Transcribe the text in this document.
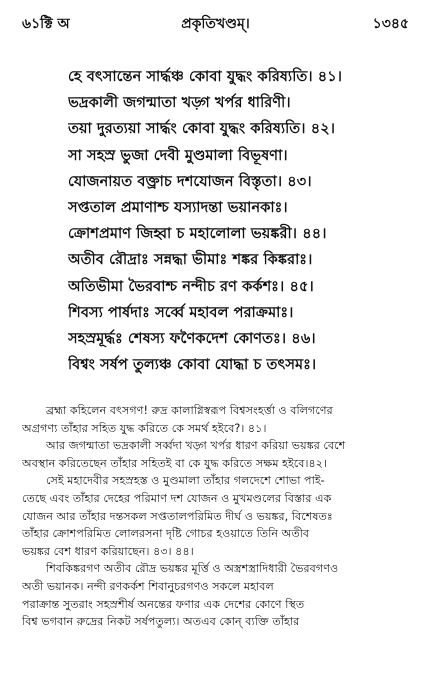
৬১ক্টি অ	প্রকৃতিখণ্ডম্।	১৩৪৫
হে বৎসান্তেন সার্দ্ধঞ্চ কোবা যুদ্ধং করিষ্যতি। ৪১।
ভদ্রকালী জগন্মাতা খড়্গ খর্পর ধারিণী।
তয়া দুরত্যয়া সার্দ্ধং কোবা যুদ্ধং করিষ্যতি। ৪২।
সা সহস্র ভুজা দেবী মুণ্ডমালা বিভূষণা।
যোজনায়ত বক্ত্রাচ দশযোজন বিস্তৃতা। ৪৩।
সপ্ততাল প্রমাণাশ্চ যস্যাদন্তা ভয়ানকাঃ।
ক্রোশপ্রমাণ জিহ্বা চ মহালোলা ভয়ঙ্করী। ৪৪।
অতীব রৌদ্রাঃ সন্নদ্ধা ভীমাঃ শঙ্কর কিঙ্করাঃ।
অতিভীমা ভৈরবাশ্চ নন্দীচ রণ কর্কশঃ। ৪৫।
শিবস্য পার্ষদাঃ সর্ব্বে মহাবল পরাক্রমাঃ।
সহস্রমূর্দ্ধঃ শেষস্য ফণৈকদেশ কোণতঃ। ৪৬।
বিশ্বং সর্ষপ তুল্যঞ্চ কোবা যোদ্ধা চ তৎসমঃ।

ব্রহ্মা কহিলেন বৎসগণ! রুদ্র কালাগ্নিস্বরূপ বিশ্বসংহর্ত্তা ও বলিগণের
অগ্রগণ্য তাঁহার সহিত যুদ্ধ করিতে কে সমর্থ হইবে?। ৪১।

আর জগন্মাতা ভদ্রকালী সর্ব্বদা খড়্গ খর্পর ধারণ করিয়া ভয়ঙ্কর বেশে
অবস্থান করিতেছেন তাঁহার সহিতই বা কে যুদ্ধ করিতে সক্ষম হইবে।৪২।

সেই মহাদেবীর সহস্রহস্ত ও মুণ্ডমালা তাঁহার গলদেশে শোভা পাই-
তেছে এবং তাঁহার দেহের পরিমাণ দশ যোজন ও মুখমণ্ডলের বিস্তার এক
যোজন আর তাঁহার দন্তসকল সপ্ততালপরিমিত দীর্ঘ ও ভয়ঙ্কর, বিশেষতঃ
তাঁহার ক্রোশপরিমিত লোলরসনা দৃষ্টি গোচর হওয়াতে তিনি অতীব
ভয়ঙ্কর বেশ ধারণ করিয়াছেন। ৪৩। ৪৪।

শিবকিঙ্করগণ অতীব রৌদ্র ভয়ঙ্কর মূর্ত্তি ও অস্ত্রশস্ত্রাদিধারী ভৈরবগণও
অতী ভয়ানক। নন্দী রণকর্কশ শিবানুচরগণও সকলে মহাবল
পরাক্রান্ত সুতরাং সহস্রশীর্ষ অনন্তের ফণার এক দেশের কোণে স্থিত
বিশ্ব ভগবান রুদ্রের নিকট সর্ষপতুল্য। অতএব কোন্ ব্যক্তি তাঁহার
